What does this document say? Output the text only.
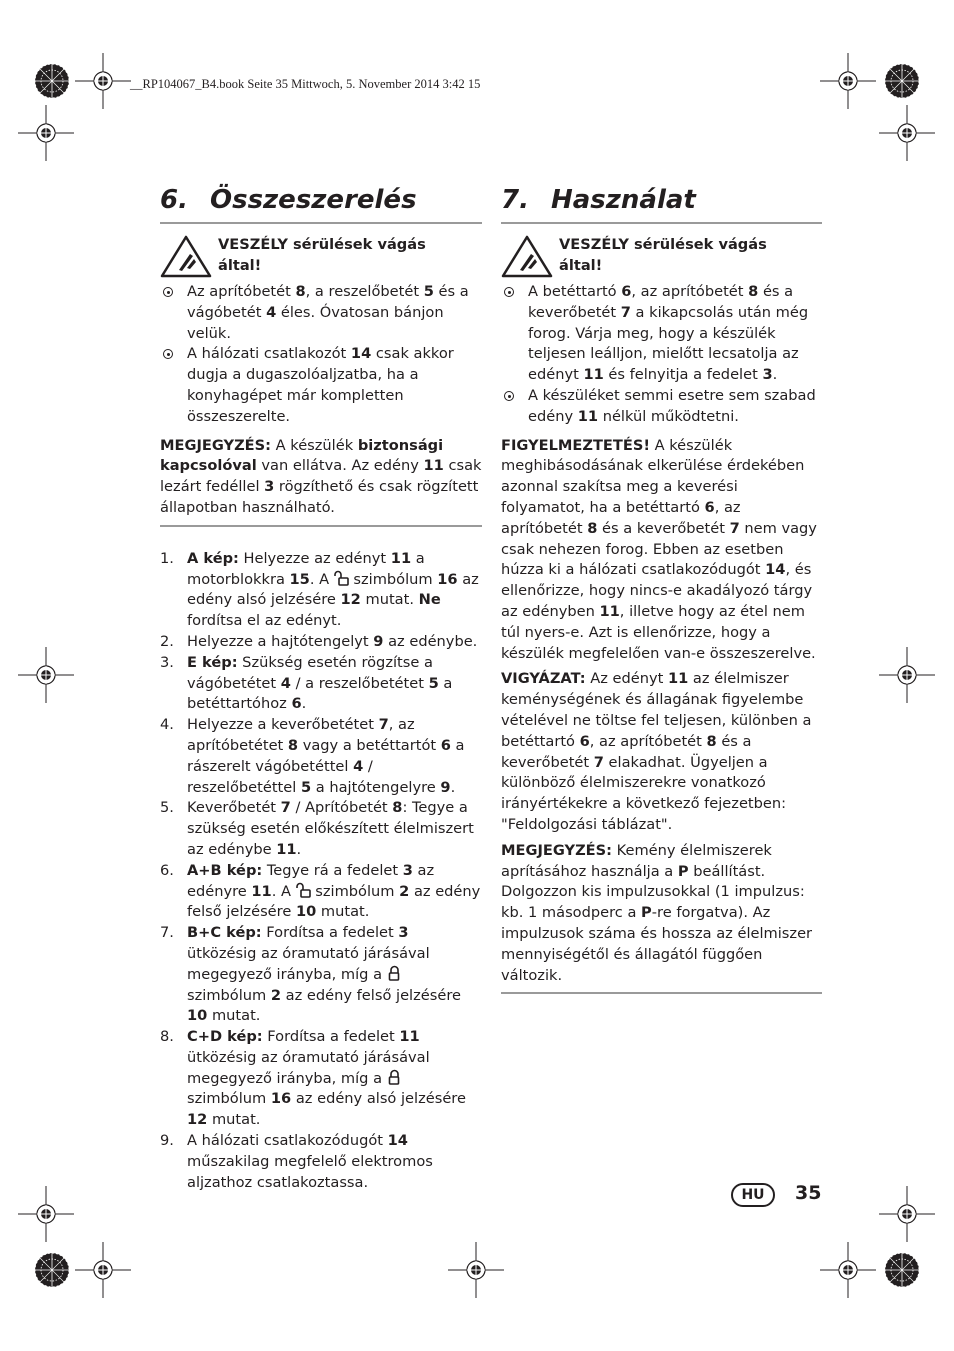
__RP104067_B4.book Seite 35 Mittwoch, 5. November 2014 3:42 15
6. Összeszerelés
VESZÉLY sérülések vágás
által!
Az aprítóbetét 8, a reszelőbetét 5 és a vágóbetét 4 éles. Óvatosan bánjon velük.
A hálózati csatlakozót 14 csak akkor dugja a dugaszolóaljzatba, ha a konyhagépet már kompletten összeszerelte.

MEGJEGYZÉS: A készülék biztonsági kapcsolóval van ellátva. Az edény 11 csak lezárt fedéllel 3 rögzíthető és csak rögzített állapotban használható.

1. A kép: Helyezze az edényt 11 a motorblokkra 15. A  szimbólum 16 az edény alsó jelzésére 12 mutat. Ne fordítsa el az edényt.
2. Helyezze a hajtótengelyt 9 az edénybe.
3. E kép: Szükség esetén rögzítse a vágóbetétet 4 / a reszelőbetétet 5 a betéttartóhoz 6.
4. Helyezze a keverőbetétet 7, az aprítóbetétet 8 vagy a betéttartót 6 a rászerelt vágóbetéttel 4 / reszelőbetéttel 5 a hajtótengelyre 9.
5. Keverőbetét 7 / Aprítóbetét 8: Tegye a szükség esetén előkészített élelmiszert az edénybe 11.
6. A+B kép: Tegye rá a fedelet 3 az edényre 11. A  szimbólum 2 az edény felső jelzésére 10 mutat.
7. B+C kép: Fordítsa a fedelet 3 ütközésig az óramutató járásával megegyező irányba, míg a  szimbólum 2 az edény felső jelzésére 10 mutat.
8. C+D kép: Fordítsa a fedelet 11 ütközésig az óramutató járásával megegyező irányba, míg a  szimbólum 16 az edény alsó jelzésére 12 mutat.
9. A hálózati csatlakozódugót 14 műszakilag megfelelő elektromos aljzathoz csatlakoztassa.
7. Használat
VESZÉLY sérülések vágás
által!
A betéttartó 6, az aprítóbetét 8 és a keverőbetét 7 a kikapcsolás után még forog. Várja meg, hogy a készülék teljesen leálljon, mielőtt lecsatolja az edényt 11 és felnyitja a fedelet 3.
A készüléket semmi esetre sem szabad edény 11 nélkül működtetni.

FIGYELMEZTETÉS! A készülék meghibásodásának elkerülése érdekében azonnal szakítsa meg a keverési folyamatot, ha a betéttartó 6, az aprítóbetét 8 és a keverőbetét 7 nem vagy csak nehezen forog. Ebben az esetben húzza ki a hálózati csatlakozódugót 14, és ellenőrizze, hogy nincs-e akadályozó tárgy az edényben 11, illetve hogy az étel nem túl nyers-e. Azt is ellenőrizze, hogy a készülék megfelelően van-e összeszerelve.

VIGYÁZAT: Az edényt 11 az élelmiszer keménységének és állagának figyelembe vételével ne töltse fel teljesen, különben a betéttartó 6, az aprítóbetét 8 és a keverőbetét 7 elakadhat. Ügyeljen a különböző élelmiszerekre vonatkozó irányértékekre a következő fejezetben: "Feldolgozási táblázat".

MEGJEGYZÉS: Kemény élelmiszerek aprításához használja a P beállítást. Dolgozzon kis impulzusokkal (1 impulzus: kb. 1 másodperc a P-re forgatva). Az impulzusok száma és hossza az élelmiszer mennyiségétől és állagától függően változik.

HU	35
